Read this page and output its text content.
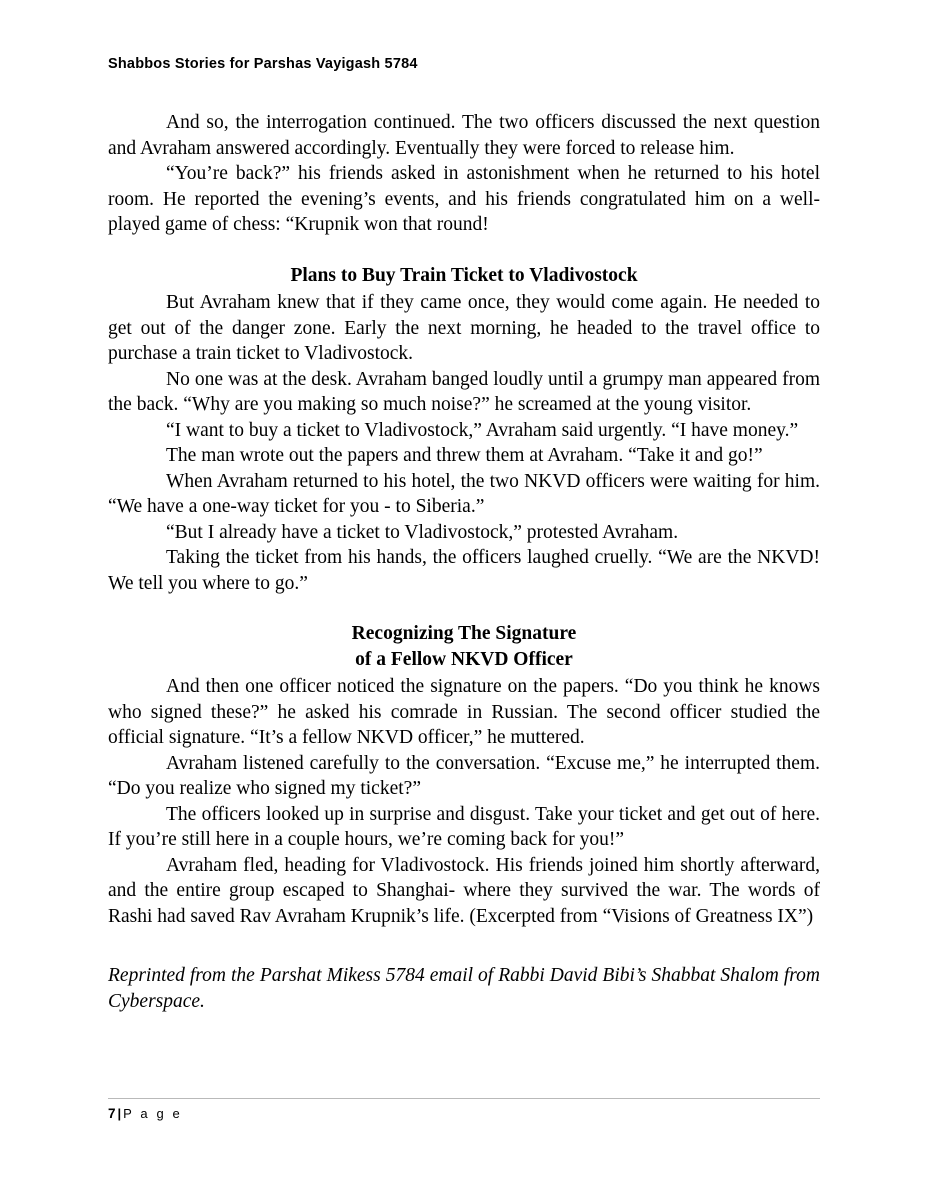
Shabbos Stories for Parshas Vayigash 5784

And so, the interrogation continued. The two officers discussed the next question and Avraham answered accordingly. Eventually they were forced to release him.

“You’re back?” his friends asked in astonishment when he returned to his hotel room. He reported the evening’s events, and his friends congratulated him on a well-played game of chess: “Krupnik won that round!

Plans to Buy Train Ticket to Vladivostock

But Avraham knew that if they came once, they would come again. He needed to get out of the danger zone. Early the next morning, he headed to the travel office to purchase a train ticket to Vladivostock.

No one was at the desk. Avraham banged loudly until a grumpy man appeared from the back. “Why are you making so much noise?” he screamed at the young visitor.

“I want to buy a ticket to Vladivostock,” Avraham said urgently. “I have money.”

The man wrote out the papers and threw them at Avraham. “Take it and go!”

When Avraham returned to his hotel, the two NKVD officers were waiting for him. “We have a one-way ticket for you - to Siberia.”

“But I already have a ticket to Vladivostock,” protested Avraham.

Taking the ticket from his hands, the officers laughed cruelly. “We are the NKVD! We tell you where to go.”

Recognizing The Signature

of a Fellow NKVD Officer

And then one officer noticed the signature on the papers. “Do you think he knows who signed these?” he asked his comrade in Russian. The second officer studied the official signature. “It’s a fellow NKVD officer,” he muttered.

Avraham listened carefully to the conversation. “Excuse me,” he interrupted them. “Do you realize who signed my ticket?”

The officers looked up in surprise and disgust. Take your ticket and get out of here. If you’re still here in a couple hours, we’re coming back for you!”

Avraham fled, heading for Vladivostock. His friends joined him shortly afterward, and the entire group escaped to Shanghai- where they survived the war. The words of Rashi had saved Rav Avraham Krupnik’s life. (Excerpted from “Visions of Greatness IX”)

Reprinted from the Parshat Mikess 5784 email of Rabbi David Bibi’s Shabbat Shalom from Cyberspace.

7 | P a g e
